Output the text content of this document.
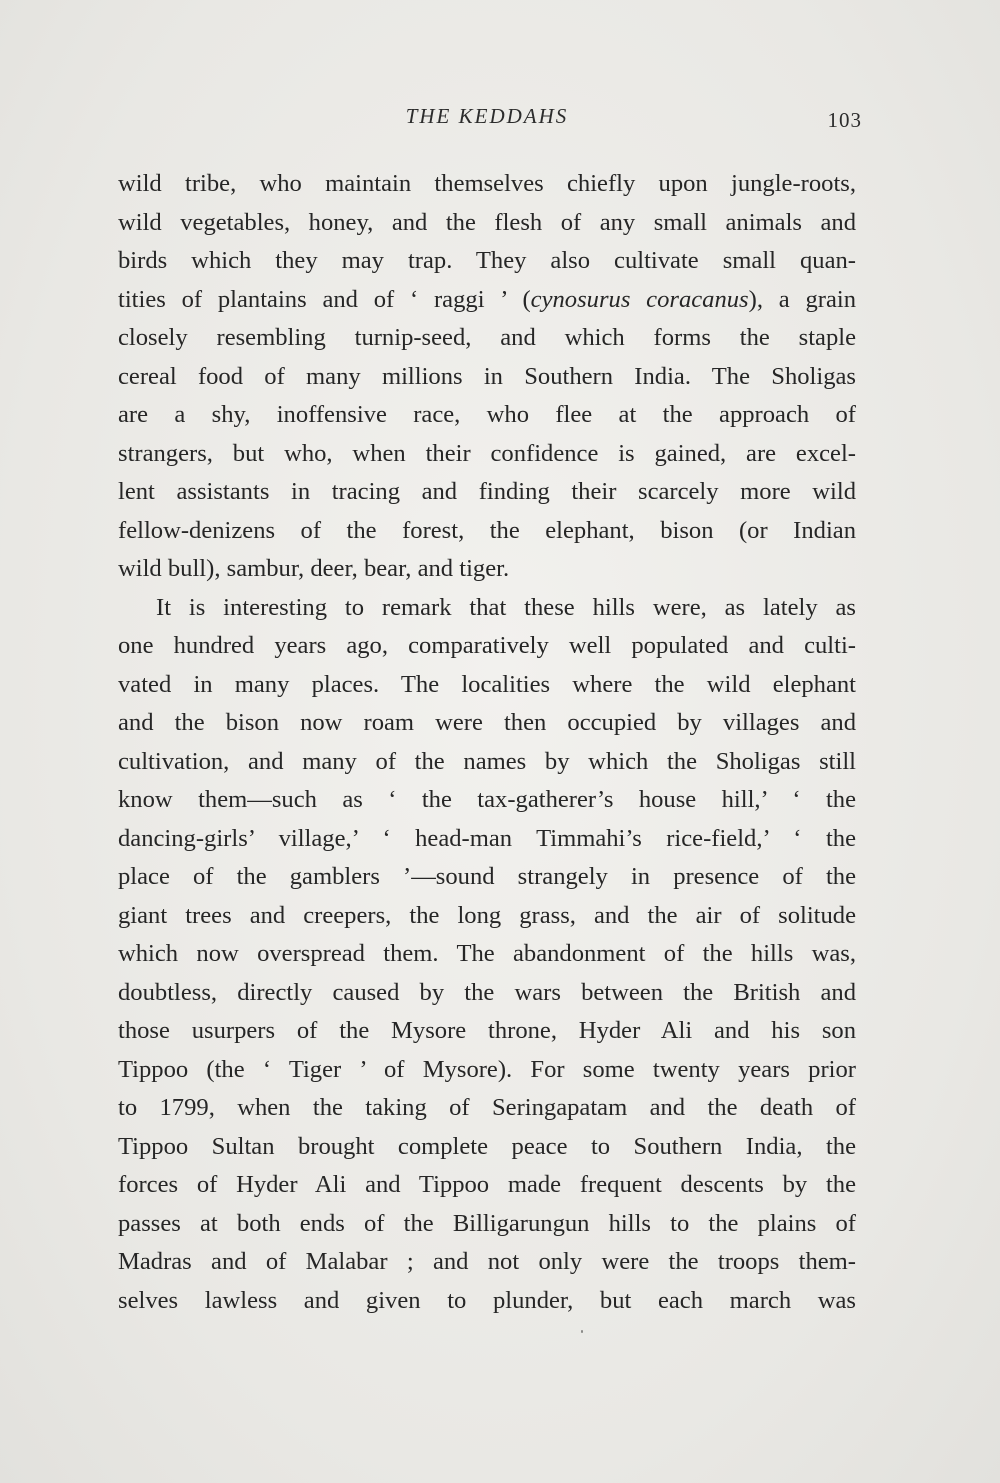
THE KEDDAHS	103

wild tribe, who maintain themselves chiefly upon jungle-roots,
wild vegetables, honey, and the flesh of any small animals and
birds which they may trap. They also cultivate small quan-
tities of plantains and of ‘ raggi ’ (cynosurus coracanus), a grain
closely resembling turnip-seed, and which forms the staple
cereal food of many millions in Southern India. The Sholigas
are a shy, inoffensive race, who flee at the approach of
strangers, but who, when their confidence is gained, are excel-
lent assistants in tracing and finding their scarcely more wild
fellow-denizens of the forest, the elephant, bison (or Indian
wild bull), sambur, deer, bear, and tiger.

It is interesting to remark that these hills were, as lately as
one hundred years ago, comparatively well populated and culti-
vated in many places. The localities where the wild elephant
and the bison now roam were then occupied by villages and
cultivation, and many of the names by which the Sholigas still
know them—such as ‘ the tax-gatherer’s house hill,’ ‘ the
dancing-girls’ village,’ ‘ head-man Timmahi’s rice-field,’ ‘ the
place of the gamblers ’—sound strangely in presence of the
giant trees and creepers, the long grass, and the air of solitude
which now overspread them. The abandonment of the hills was,
doubtless, directly caused by the wars between the British and
those usurpers of the Mysore throne, Hyder Ali and his son
Tippoo (the ‘ Tiger ’ of Mysore). For some twenty years prior
to 1799, when the taking of Seringapatam and the death of
Tippoo Sultan brought complete peace to Southern India, the
forces of Hyder Ali and Tippoo made frequent descents by the
passes at both ends of the Billigarungun hills to the plains of
Madras and of Malabar ; and not only were the troops them-
selves lawless and given to plunder, but each march was
